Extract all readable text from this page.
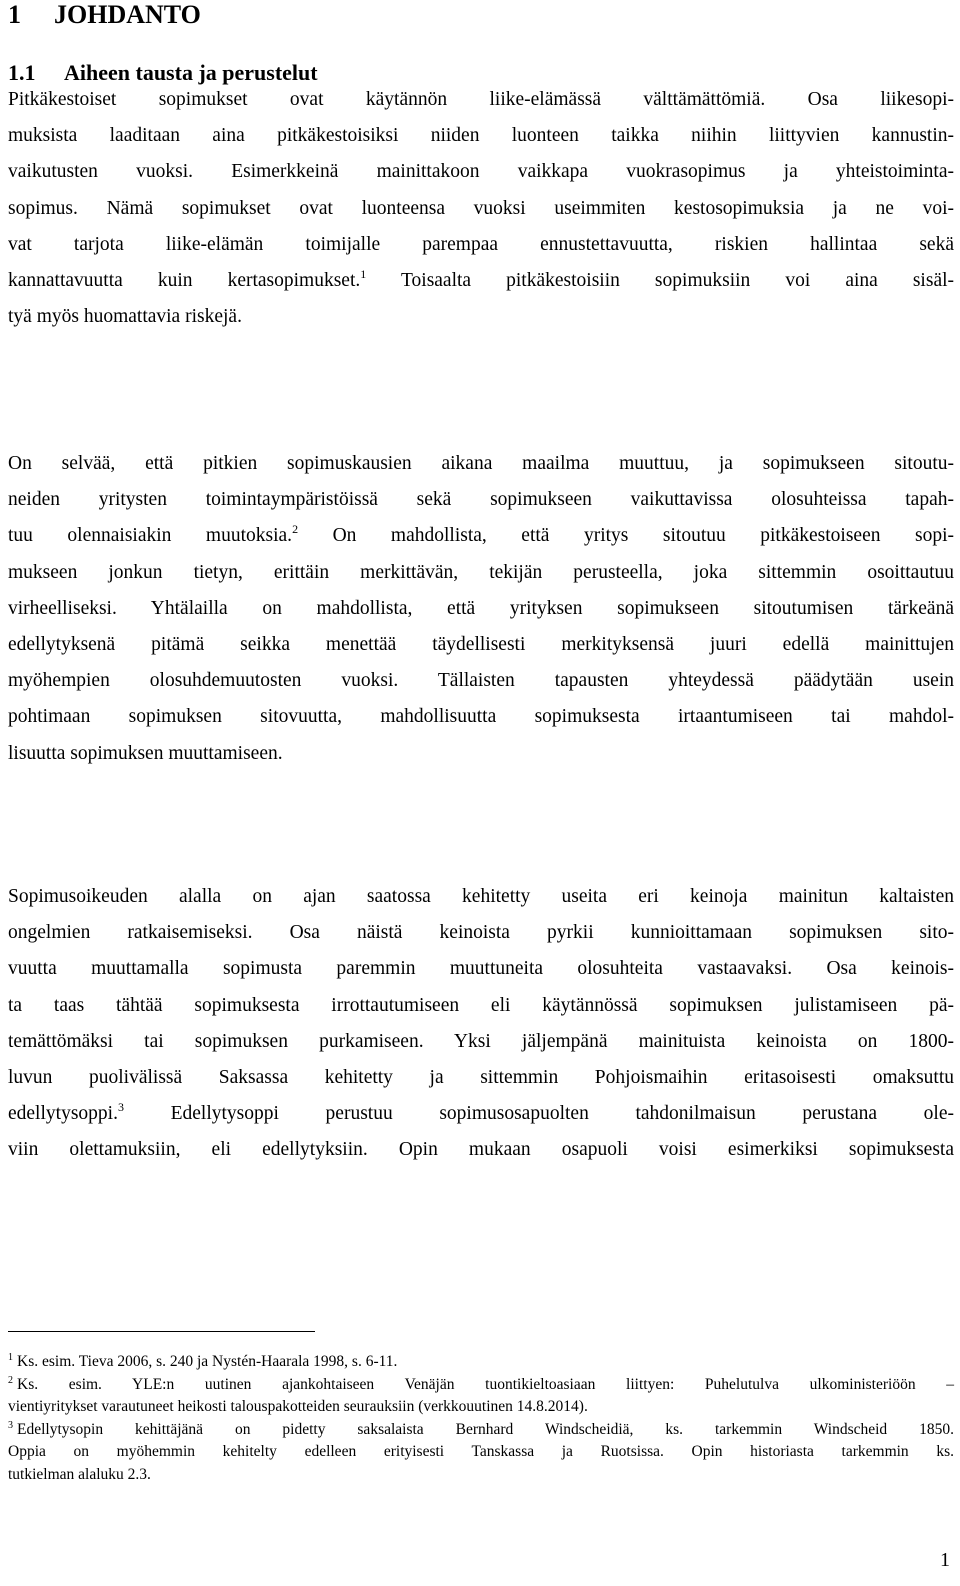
1 JOHDANTO
1.1 Aiheen tausta ja perustelut
Pitkäkestoiset sopimukset ovat käytännön liike-elämässä välttämättömiä. Osa liikesopi-
muksista laaditaan aina pitkäkestoisiksi niiden luonteen taikka niihin liittyvien kannustin-
vaikutusten vuoksi. Esimerkkeinä mainittakoon vaikkapa vuokrasopimus ja yhteistoiminta-
sopimus. Nämä sopimukset ovat luonteensa vuoksi useimmiten kestosopimuksia ja ne voi-
vat tarjota liike-elämän toimijalle parempaa ennustettavuutta, riskien hallintaa sekä
kannattavuutta kuin kertasopimukset.$^1$ Toisaalta pitkäkestoisiin sopimuksiin voi aina sisäl-
tyä myös huomattavia riskejä.
On selvää, että pitkien sopimuskausien aikana maailma muuttuu, ja sopimukseen sitoutu-
neiden yritysten toimintaympäristöissä sekä sopimukseen vaikuttavissa olosuhteissa tapah-
tuu olennaisiakin muutoksia.$^2$ On mahdollista, että yritys sitoutuu pitkäkestoiseen sopi-
mukseen jonkun tietyn, erittäin merkittävän, tekijän perusteella, joka sittemmin osoittautuu
virheelliseksi. Yhtälailla on mahdollista, että yrityksen sopimukseen sitoutumisen tärkeänä
edellytyksenä pitämä seikka menettää täydellisesti merkityksensä juuri edellä mainittujen
myöhempien olosuhdemuutosten vuoksi. Tällaisten tapausten yhteydessä päädytään usein
pohtimaan sopimuksen sitovuutta, mahdollisuutta sopimuksesta irtaantumiseen tai mahdol-
lisuutta sopimuksen muuttamiseen.
Sopimusoikeuden alalla on ajan saatossa kehitetty useita eri keinoja mainitun kaltaisten
ongelmien ratkaisemiseksi. Osa näistä keinoista pyrkii kunnioittamaan sopimuksen sito-
vuutta muuttamalla sopimusta paremmin muuttuneita olosuhteita vastaavaksi. Osa keinois-
ta taas tähtää sopimuksesta irrottautumiseen eli käytännössä sopimuksen julistamiseen pä-
temättömäksi tai sopimuksen purkamiseen. Yksi jäljempänä mainituista keinoista on 1800-
luvun puolivälissä Saksassa kehitetty ja sittemmin Pohjoismaihin eritasoisesti omaksuttu
edellytysoppi.$^3$ Edellytysoppi perustuu sopimusosapuolten tahdonilmaisun perustana ole-
viin olettamuksiin, eli edellytyksiin. Opin mukaan osapuoli voisi esimerkiksi sopimuksesta
$^1$ Ks. esim. Tieva 2006, s. 240 ja Nystén-Haarala 1998, s. 6-11.
$^2$ Ks. esim. YLE:n uutinen ajankohtaiseen Venäjän tuontikieltoasiaan liittyen: Puhelutulva ulkoministeriöön –
vientiyritykset varautuneet heikosti talouspakotteiden seurauksiin (verkkouutinen 14.8.2014).
$^3$ Edellytysopin kehittäjänä on pidetty saksalaista Bernhard Windscheidiä, ks. tarkemmin Windscheid 1850.
Oppia on myöhemmin kehitelty edelleen erityisesti Tanskassa ja Ruotsissa. Opin historiasta tarkemmin ks.
tutkielman alaluku 2.3.
1
